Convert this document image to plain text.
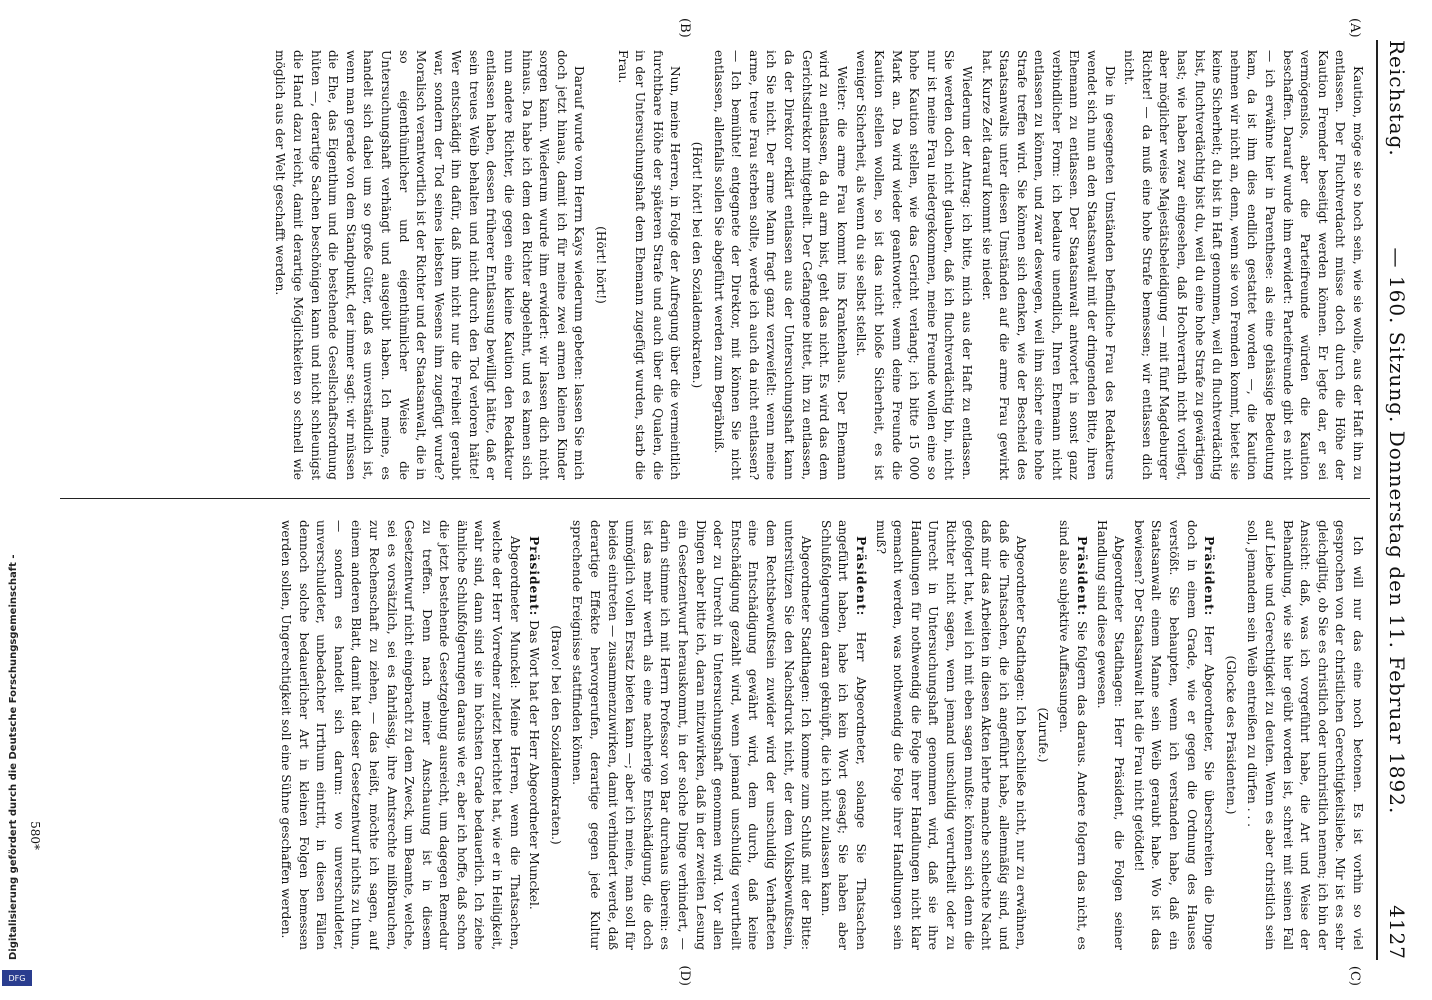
Digitalisierung gefördert durch die Deutsche Forschungsgemeinschaft -
DFG
Reichstag.
— 160. Sitzung. Donnerstag den 11. Februar 1892.
4127
(A)
(B)
(C)
(D)

Kaution, möge sie so hoch sein, wie sie wolle, aus der Haft ihn zu entlassen. Der Fluchtverdacht müsse doch durch die Höhe der Kaution Fremder beseitigt werden können. Er legte dar, er sei vermögenslos, aber die Parteifreunde würden die Kaution beschaffen. Darauf wurde ihm erwidert: Parteifreunde gibt es nicht — ich erwähne hier in Parenthese: als eine gehässige Bedeutung kam, da ist ihm dies endlich gestattet worden —, die Kaution nehmen wir nicht an, denn, wenn sie von Fremden kommt, bietet sie keine Sicherheit; du bist in Haft genommen, weil du fluchtverdächtig bist, fluchtverdächtig bist du, weil du eine hohe Strafe zu gewärtigen hast; wie haben zwar eingesehen, daß Hochverrath nicht vorliegt, aber möglicher weise Majestätsbeleidigung — mit fünf Magdeburger Richter! — da muß eine hohe Strafe bemessen; wir entlassen dich nicht.

Die in gesegneten Umständen befindliche Frau des Redakteurs wendet sich nun an den Staatsanwalt mit der dringenden Bitte, ihren Ehemann zu entlassen. Der Staatsanwalt antwortet in sonst ganz verbindlicher Form: ich bedaure unendlich, Ihren Ehemann nicht entlassen zu können, und zwar deswegen, weil ihm sicher eine hohe Strafe treffen wird. Sie können sich denken, wie der Bescheid des Staatsanwalts unter diesen Umständen auf die arme Frau gewirkt hat. Kurze Zeit darauf kommt sie nieder.

Wiederum der Antrag: ich bitte, mich aus der Haft zu entlassen. Sie werden doch nicht glauben, daß ich fluchtverdächtig bin, nicht nur ist meine Frau niedergekommen, meine Freunde wollen eine so hohe Kaution stellen, wie das Gericht verlangt; ich bitte 15 000 Mark an. Da wird wieder geantwortet: wenn deine Freunde die Kaution stellen wollen, so ist das nicht bloße Sicherheit, es ist weniger Sicherheit, als wenn du sie selbst stellst.

Weiter: die arme Frau kommt ins Krankenhaus. Der Ehemann wird zu entlassen, da du arm bist, geht das nicht. Es wird das dem Gerichtsdirektor mitgetheilt. Der Gefangene bittet, ihn zu entlassen, da der Direktor erklärt entlassen aus der Untersuchungshaft kann ich Sie nicht. Der arme Mann fragt ganz verzweifelt: wenn meine arme, treue Frau sterben sollte, werde ich auch da nicht entlassen? — Ich bemühte! entgegnete der Direktor, mit können Sie nicht entlassen, allenfalls sollen Sie abgeführt werden zum Begräbniß.

(Hört! hört! bei den Sozialdemokraten.)

Nun, meine Herren, in Folge der Aufregung über die vermeintlich furchtbare Höhe der späteren Strafe und auch über die Qualen, die in der Untersuchungshaft dem Ehemann zugefügt wurden, starb die Frau.

(Hört! hört!)

Darauf wurde vom Herrn Kays wiederum gebeten: lassen Sie mich doch jetzt hinaus, damit ich für meine zwei armen kleinen Kinder sorgen kann. Wiederum wurde ihm erwidert: wir lassen dich nicht hinaus. Da habe ich dem den Richter abgelehnt, und es kamen sich nun andere Richter, die gegen eine kleine Kaution den Redakteur entlassen haben, dessen früherer Entlassung bewilligt hätte, daß er sein treues Weib behalten und nicht durch den Tod verloren hätte! Wer entschädigt ihn dafür, daß ihm nicht nur die Freiheit geraubt war, sondern der Tod seines liebsten Wesens ihm zugefügt wurde? Moralisch verantwortlich ist der Richter und der Staatsanwalt, die in so eigenthümlicher und eigenthümlicher Weise die Untersuchungshaft verhängt und ausgeübt haben. Ich meine, es handelt sich dabei um so große Güter, daß es unverständlich ist, wenn man gerade von dem Standpunkt, der immer sagt: wir müssen die Ehe, das Eigenthum und die bestehende Gesellschaftsordnung hüten —, derartige Sachen beschönigen kann und nicht schleunigst die Hand dazu reicht, damit derartige Möglichkeiten so schnell wie möglich aus der Welt geschafft werden.

Ich will nur das eine noch betonen. Es ist vorhin so viel gesprochen von der christlichen Gerechtigkeitsliebe. Mir ist es sehr gleichgiltig, ob Sie es christlich oder unchristlich nennen; ich bin der Ansicht: daß, was ich vorgeführt habe, die Art und Weise der Behandlung, wie sie hier geübt worden ist, schreit mit seinen Fall auf Liebe und Gerechtigkeit zu deuten. Wenn es aber christlich sein soll, jemandem sein Weib entreißen zu dürfen . . .

(Glocke des Präsidenten.)

Präsident: Herr Abgeordneter, Sie überschreiten die Dinge doch in einem Grade, wie er gegen die Ordnung des Hauses verstößt. Sie behaupten, wenn ich verstanden habe, daß ein Staatsanwalt einem Manne sein Weib geraubt habe. Wo ist das bewiesen? Der Staatsanwalt hat die Frau nicht getödtet!

Abgeordneter Stadthagen: Herr Präsident, die Folgen seiner Handlung sind diese gewesen.

Präsident: Sie folgern das daraus. Andere folgern das nicht, es sind also subjektive Auffassungen.

(Zurufe.)

Abgeordneter Stadthagen: Ich beschließe nicht, nur zu erwähnen, daß die Thatsachen, die ich angeführt habe, allenmäßig sind, und daß mir das Arbeiten in diesen Akten lehrte manche schlechte Nacht gefolgert hat, weil ich mit eben sagen mußte: können sich denn die Richter nicht sagen, wenn jemand unschuldig verurtheilt oder zu Unrecht in Untersuchungshaft genommen wird, daß sie ihre Handlungen für nothwendig die Folge ihrer Handlungen nicht klar gemacht werden, was nothwendig die Folge ihrer Handlungen sein muß?

Präsident: Herr Abgeordneter, solange Sie Thatsachen angeführt haben, habe ich kein Wort gesagt; Sie haben aber Schlußfolgerungen daran geknüpft, die ich nicht zulassen kann.

Abgeordneter Stadthagen: Ich komme zum Schluß mit der Bitte: unterstützen Sie den Nachsdruck nicht, der dem Volksbewußtsein, dem Rechtsbewußtsein zuwider wird der unschuldig Verhafteten eine Entschädigung gewährt wird, dem durch, daß keine Entschädigung gezahlt wird, wenn jemand unschuldig verurtheilt oder zu Unrecht in Untersuchungshaft genommen wird. Vor allen Dingen aber bitte ich, daran mitzuwirken, daß in der zweiten Lesung ein Gesetzentwurf herauskommt, in der solche Dinge verhindert, — darin stimme ich mit Herrn Professor von Bar durchaus überein: es ist das mehr werth als eine nachherige Entschädigung, die doch unmöglich vollen Ersatz bieten kann —; aber ich meine, man soll für beides eintreten — zusammenzuwirken, damit verhindert werde, daß derartige Effekte hervorgerufen, derartige gegen jede Kultur sprechende Ereignisse stattfinden können.

(Bravo! bei den Sozialdemokraten.)

Präsident: Das Wort hat der Herr Abgeordneter Munckel.

Abgeordneter Munckel: Meine Herren, wenn die Thatsachen, welche der Herr Vorredner zuletzt berichtet hat, wie er in Heiligkeit, wahr sind, dann sind sie im höchsten Grade bedauerlich. Ich ziehe ähnliche Schlußfolgerungen daraus wie er, aber ich hoffe, daß schon die jetzt bestehende Gesetzgebung ausreicht, um dagegen Remedur zu treffen. Denn nach meiner Anschauung ist in diesem Gesetzentwurf nicht eingebracht zu dem Zweck, um Beamte, welche, sei es vorsätzlich, sei es fahrlässig, ihre Amtsrechte mißbrauchen, zur Rechenschaft zu ziehen, — das heißt, möchte ich sagen, auf einem anderen Blatt, damit hat dieser Gesetzentwurf nichts zu thun, — sondern es handelt sich darum: wo unverschuldeter, unverschuldeter, unbedachter Irrthum eintritt, in diesen Fällen dennoch solche bedauerlicher Art in kleinen Folgen bemessen werden sollen, Ungerechtigkeit soll eine Sühne geschaffen werden.

580*
